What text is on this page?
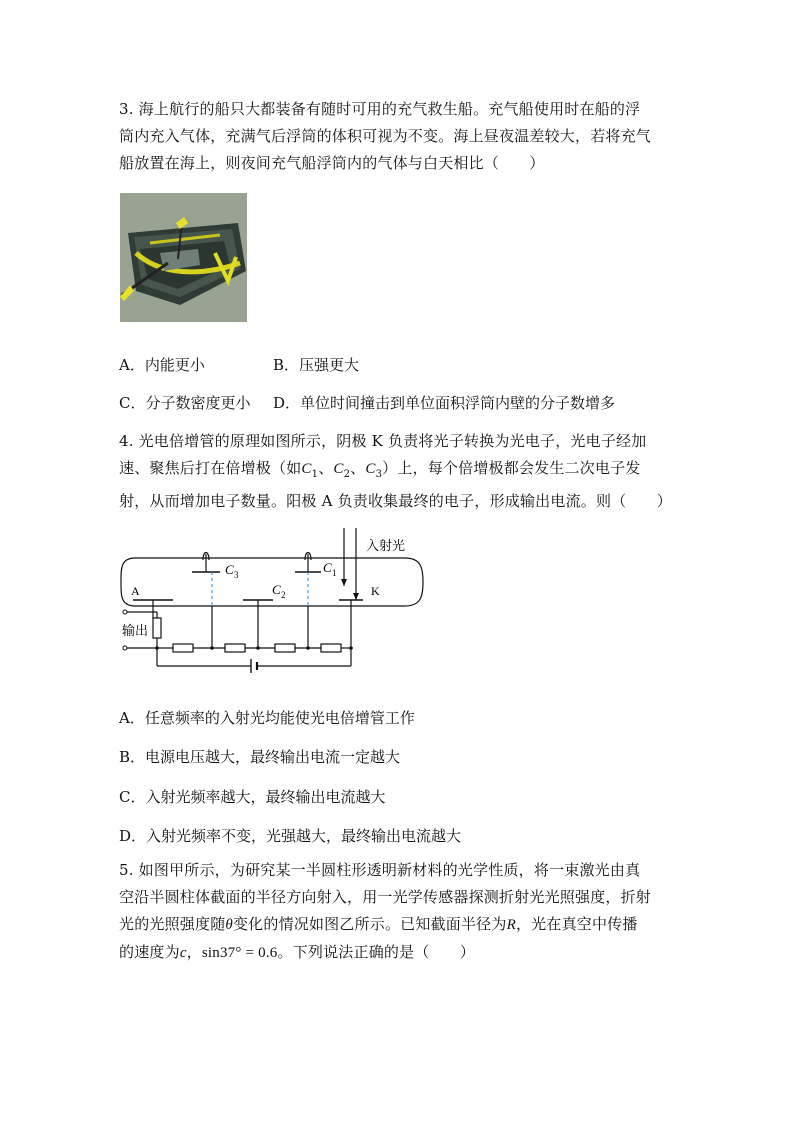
3. 海上航行的船只大都装备有随时可用的充气救生船。充气船使用时在船的浮
筒内充入气体，充满气后浮筒的体积可视为不变。海上昼夜温差较大，若将充气
船放置在海上，则夜间充气船浮筒内的气体与白天相比（　　）

A．内能更小	B．压强更大
C．分子数密度更小 D．单位时间撞击到单位面积浮筒内壁的分子数增多

4. 光电倍增管的原理如图所示，阴极 K 负责将光子转换为光电子，光电子经加
速、聚焦后打在倍增极（如$C_1$、$C_2$、$C_3$）上，每个倍增极都会发生二次电子发
射，从而增加电子数量。阳极 A 负责收集最终的电子，形成输出电流。则（　　）

入射光
C 3
C 2
C 1
A	K
输出
A．任意频率的入射光均能使光电倍增管工作
B．电源电压越大，最终输出电流一定越大
C．入射光频率越大，最终输出电流越大
D．入射光频率不变，光强越大，最终输出电流越大

5. 如图甲所示，为研究某一半圆柱形透明新材料的光学性质，将一束激光由真
空沿半圆柱体截面的半径方向射入，用一光学传感器探测折射光光照强度，折射
光的光照强度随θ变化的情况如图乙所示。已知截面半径为R，光在真空中传播
的速度为c，sin37° = 0.6。下列说法正确的是（　　）
